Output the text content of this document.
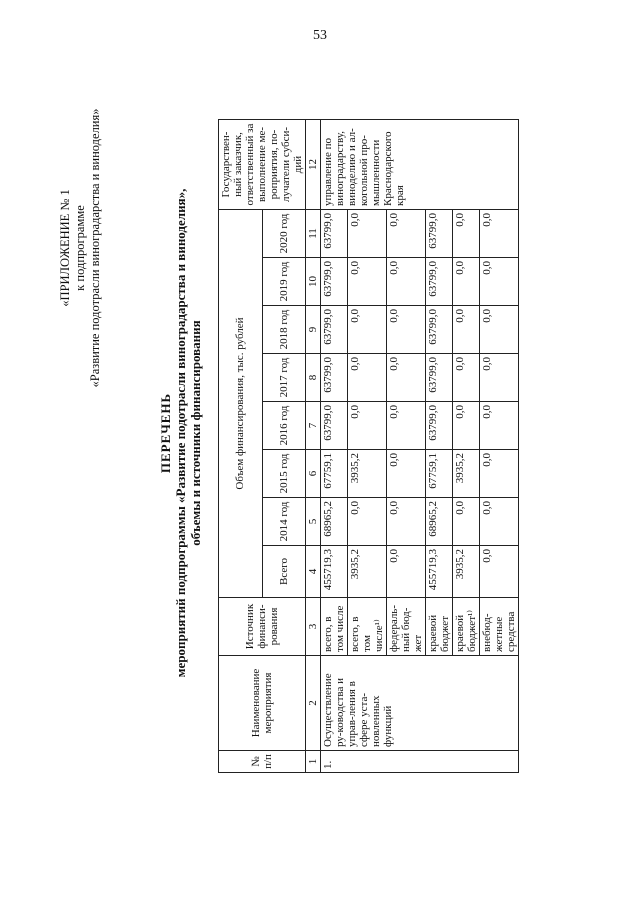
53
«ПРИЛОЖЕНИЕ № 1 к подпрограмме «Развитие подотрасли виноградарства и виноделия»
ПЕРЕЧЕНЬ мероприятий подпрограммы «Развитие подотрасли виноградарства и виноделия», объемы и источники финансирования
№ п/п	Наименование мероприятия	Источник финанси-рования	Объем финансирования, тыс. рублей								Государствен-ный заказчик, ответственный за выполнение ме-роприятия, по-лучатели субси-дий
			Всего	2014 год	2015 год	2016 год	2017 год	2018 год	2019 год	2020 год	
1	2	3	4	5	6	7	8	9	10	11	12
1.	Осуществление ру-ководства и управ-ления в сфере уста-новленных функций	всего, в том числе	455719,3	68965,2	67759,1	63799,0	63799,0	63799,0	63799,0	63799,0	управление по виноградарству, виноделию и ал-когольной про-мышленности Краснодарского края
		всего, в том числе¹⁾	3935,2	0,0	3935,2	0,0	0,0	0,0	0,0	0,0	
		федераль-ный бюд-жет	0,0	0,0	0,0	0,0	0,0	0,0	0,0	0,0	
		краевой бюджет	455719,3	68965,2	67759,1	63799,0	63799,0	63799,0	63799,0	63799,0	
		краевой бюджет¹⁾	3935,2	0,0	3935,2	0,0	0,0	0,0	0,0	0,0	
		внебюд-жетные средства	0,0	0,0	0,0	0,0	0,0	0,0	0,0	0,0	
